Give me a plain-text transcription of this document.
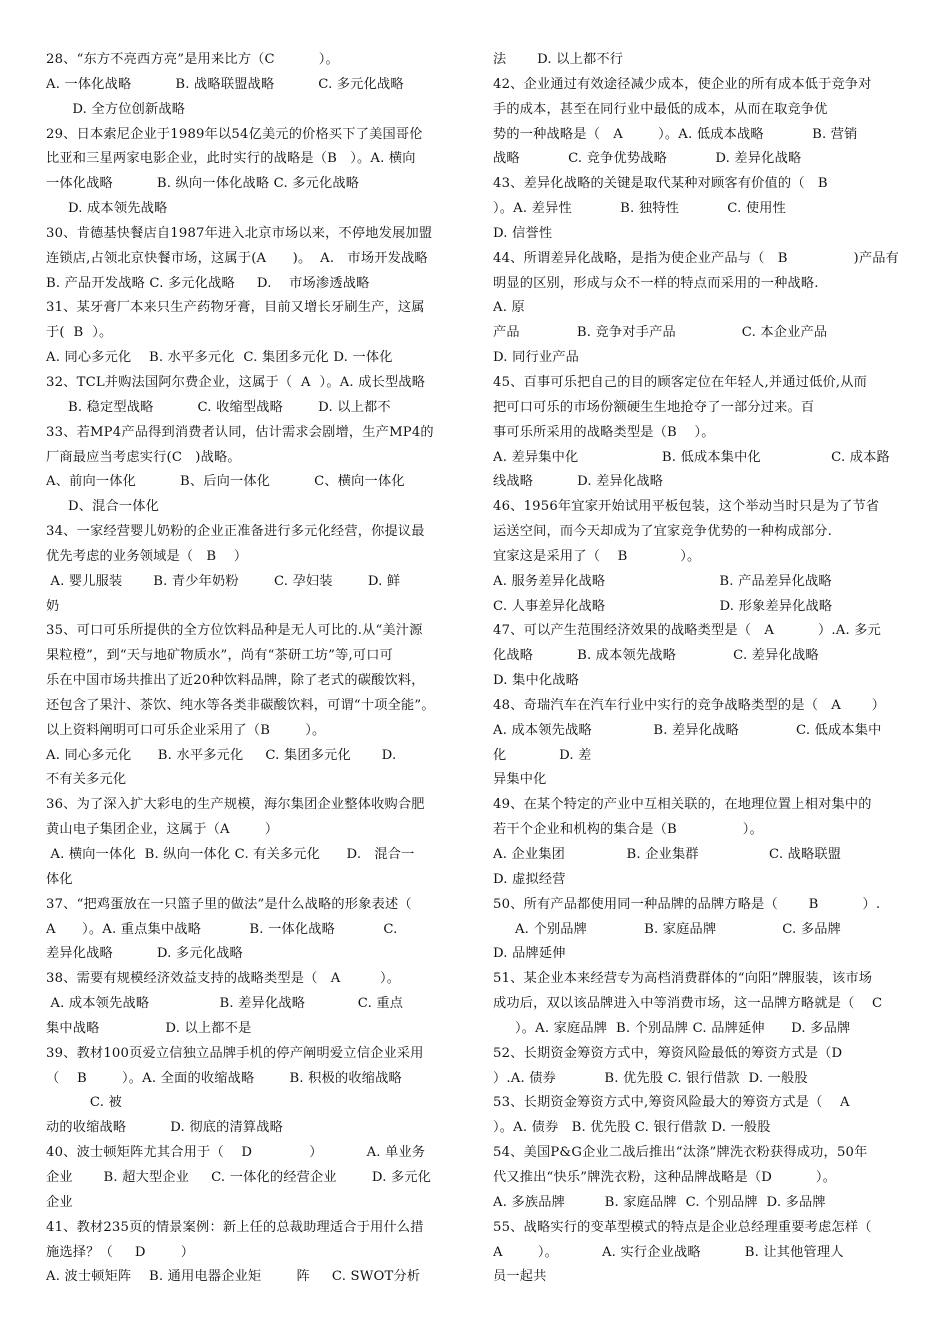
28、“东方不亮西方亮”是用来比方（C          ）。
A. 一体化战略          B. 战略联盟战略          C. 多元化战略
D. 全方位创新战略
29、日本索尼企业于1989年以54亿美元的价格买下了美国哥伦
比亚和三星两家电影企业，此时实行的战略是（B   ）。A. 横向
一体化战略          B. 纵向一体化战略 C. 多元化战略
D. 成本领先战略
30、肯德基快餐店自1987年进入北京市场以来，不停地发展加盟
连锁店,占领北京快餐市场，这属于(A      )。  A.   市场开发战略
B. 产品开发战略 C. 多元化战略     D.    市场渗透战略
31、某牙膏厂本来只生产药物牙膏，目前又增长牙刷生产，这属
于(  B  ）。
A. 同心多元化    B. 水平多元化  C. 集团多元化 D. 一体化
32、TCL并购法国阿尔费企业，这属于（  A  ）。A. 成长型战略
B. 稳定型战略          C. 收缩型战略        D. 以上都不
33、若MP4产品得到消费者认同，估计需求会剧增，生产MP4的
厂商最应当考虑实行(C   )战略。
A、前向一体化          B、后向一体化          C、横向一体化
D、混合一体化
34、一家经营婴儿奶粉的企业正准备进行多元化经营，你提议最
优先考虑的业务领域是（   B    ）
A. 婴儿服装       B. 青少年奶粉        C. 孕妇装        D. 鲜
奶
35、可口可乐所提供的全方位饮料品种是无人可比的.从“美汁源
果粒橙”，到“天与地矿物质水”，尚有“茶研工坊”等,可口可
乐在中国市场共推出了近20种饮料品牌，除了老式的碳酸饮料，
还包含了果汁、茶饮、纯水等各类非碳酸饮料，可谓“十项全能”。
以上资料阐明可口可乐企业采用了（B        ）。
A. 同心多元化      B. 水平多元化     C. 集团多元化       D.
不有关多元化
36、为了深入扩大彩电的生产规模，海尔集团企业整体收购合肥
黄山电子集团企业，这属于（A        ）
A. 横向一体化  B. 纵向一体化 C. 有关多元化      D.   混合一
体化
37、“把鸡蛋放在一只篮子里的做法”是什么战略的形象表述（
A      ）。A. 重点集中战略           B. 一体化战略           C.
差异化战略          D. 多元化战略
38、需要有规模经济效益支持的战略类型是（   A         ）。
A. 成本领先战略                B. 差异化战略            C. 重点
集中战略               D. 以上都不是
39、教材100页爱立信独立品牌手机的停产阐明爱立信企业采用
（    B        ）。A. 全面的收缩战略        B. 积极的收缩战略
C. 被
动的收缩战略          D. 彻底的清算战略
40、波士顿矩阵尤其合用于（    D             ）          A. 单业务
企业       B. 超大型企业     C. 一体化的经营企业        D. 多元化
企业
41、教材235页的情景案例：新上任的总裁助理适合于用什么措
施选择？（     D        ）
A. 波士顿矩阵    B. 通用电器企业矩        阵     C. SWOT分析
法       D. 以上都不行
42、企业通过有效途径减少成本，使企业的所有成本低于竞争对
手的成本，甚至在同行业中最低的成本，从而在取竞争优
势的一种战略是（   A        ）。A. 低成本战略           B. 营销
战略           C. 竞争优势战略           D. 差异化战略
43、差异化战略的关键是取代某种对顾客有价值的（   B
）。A. 差异性           B. 独特性           C. 使用性
D. 信誉性
44、所谓差异化战略，是指为使企业产品与（   B               )产品有
明显的区别，形成与众不一样的特点而采用的一种战略.
A. 原
产品             B. 竞争对手产品               C. 本企业产品
D. 同行业产品
45、百事可乐把自己的目的顾客定位在年轻人,并通过低价,从而
把可口可乐的市场份额硬生生地抢夺了一部分过来。百
事可乐所采用的战略类型是（B    ）。
A. 差异集中化                   B. 低成本集中化                C. 成本路
线战略          D. 差异化战略
46、1956年宜家开始试用平板包装，这个举动当时只是为了节省
运送空间，而今天却成为了宜家竞争优势的一种构成部分.
宜家这是采用了（    B            ）。
A. 服务差异化战略                          B. 产品差异化战略
C. 人事差异化战略                          D. 形象差异化战略
47、可以产生范围经济效果的战略类型是（   A          ）.A. 多元
化战略          B. 成本领先战略             C. 差异化战略
D. 集中化战略
48、奇瑞汽车在汽车行业中实行的竞争战略类型的是（   A       ）
A. 成本领先战略              B. 差异化战略             C. 低成本集中
化            D. 差
异集中化
49、在某个特定的产业中互相关联的，在地理位置上相对集中的
若干个企业和机构的集合是（B               ）。
A. 企业集团              B. 企业集群                C. 战略联盟
D. 虚拟经营
50、所有产品都使用同一种品牌的品牌方略是（       B          ）.
A. 个别品牌             B. 家庭品牌               C. 多品牌
D. 品牌延伸
51、某企业本来经营专为高档消费群体的“向阳”牌服装，该市场
成功后，双以该品牌进入中等消费市场，这一品牌方略就是（    C
）。A. 家庭品牌  B. 个别品牌 C. 品牌延伸      D. 多品牌
52、长期资金筹资方式中，筹资风险最低的筹资方式是（D
）.A. 债券           B. 优先股 C. 银行借款  D. 一般股
53、长期资金筹资方式中,筹资风险最大的筹资方式是（    A
）。A. 债券   B. 优先股 C. 银行借款 D. 一般股
54、美国P&G企业二战后推出“汰涤”牌洗衣粉获得成功，50年
代又推出“快乐”牌洗衣粉，这种品牌战略是（D          ）。
A. 多族品牌         B. 家庭品牌  C. 个别品牌  D. 多品牌
55、战略实行的变革型模式的特点是企业总经理重要考虑怎样（
A        ）。          A. 实行企业战略          B. 让其他管理人
员一起共
